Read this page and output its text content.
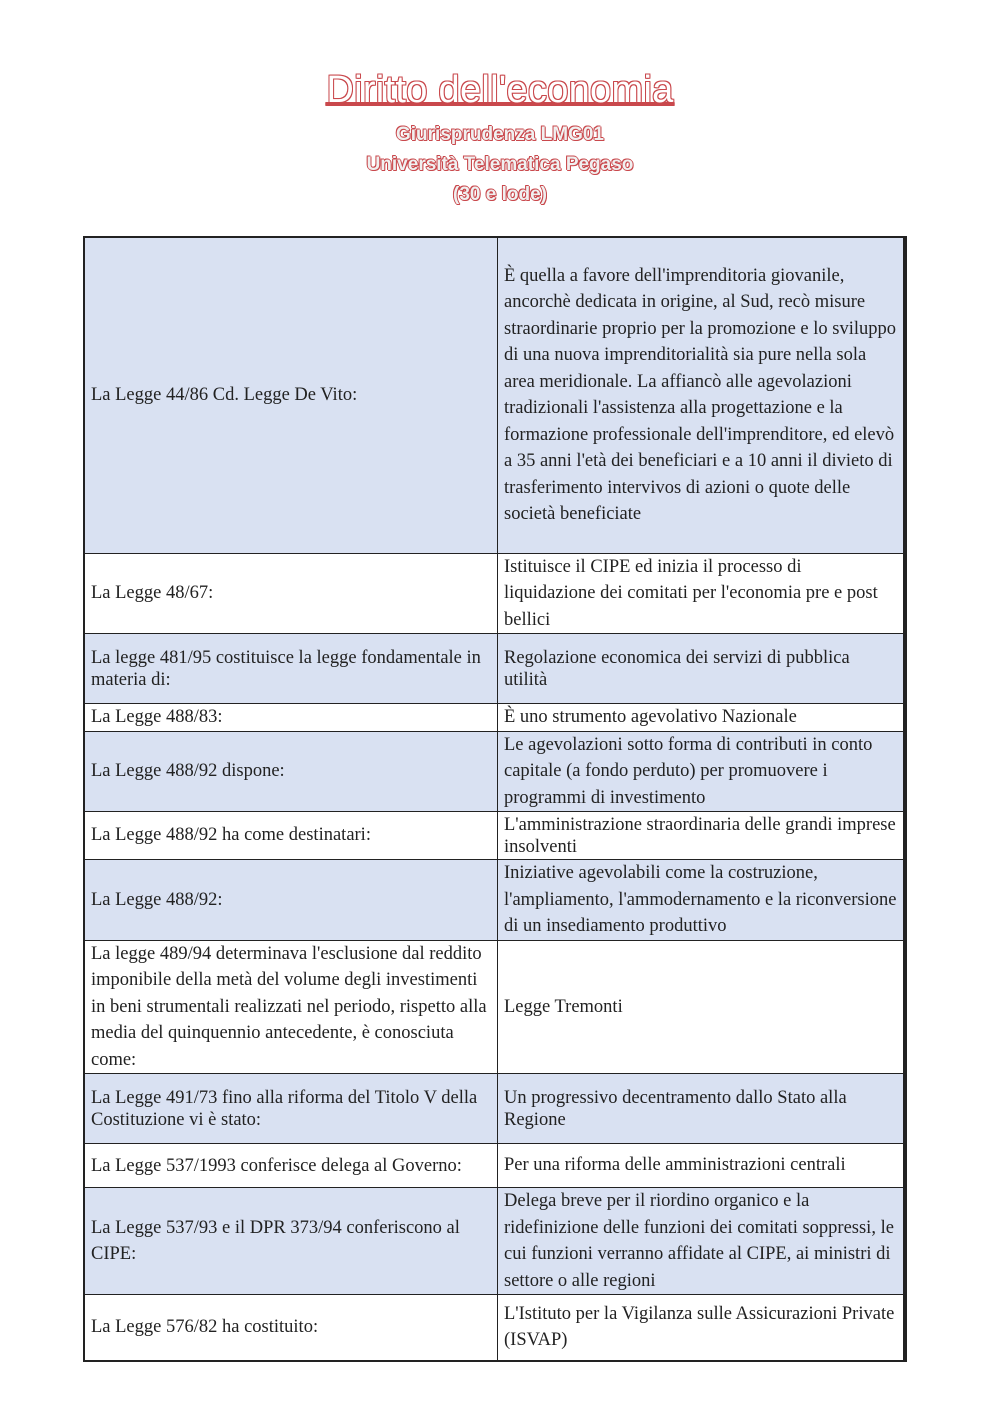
Diritto dell'economia
Giurisprudenza LMG01
Università Telematica Pegaso
(30 e lode)
La Legge 44/86 Cd. Legge De Vito:	È quella a favore dell'imprenditoria giovanile, ancorchè dedicata in origine, al Sud, recò misure straordinarie proprio per la promozione e lo sviluppo di una nuova imprenditorialità sia pure nella sola area meridionale. La affiancò alle agevolazioni tradizionali l'assistenza alla progettazione e la formazione professionale dell'imprenditore, ed elevò a 35 anni l'età dei beneficiari e a 10 anni il divieto di trasferimento intervivos di azioni o quote delle società beneficiate
La Legge 48/67:	Istituisce il CIPE ed inizia il processo di liquidazione dei comitati per l'economia pre e post bellici
La legge 481/95 costituisce la legge fondamentale in materia di:	Regolazione economica dei servizi di pubblica utilità
La Legge 488/83:	È uno strumento agevolativo Nazionale
La Legge 488/92 dispone:	Le agevolazioni sotto forma di contributi in conto capitale (a fondo perduto) per promuovere i programmi di investimento
La Legge 488/92 ha come destinatari:	L'amministrazione straordinaria delle grandi imprese insolventi
La Legge 488/92:	Iniziative agevolabili come la costruzione, l'ampliamento, l'ammodernamento e la riconversione di un insediamento produttivo
La legge 489/94 determinava l'esclusione dal reddito imponibile della metà del volume degli investimenti in beni strumentali realizzati nel periodo, rispetto alla media del quinquennio antecedente, è conosciuta come:	Legge Tremonti
La Legge 491/73 fino alla riforma del Titolo V della Costituzione vi è stato:	Un progressivo decentramento dallo Stato alla Regione
La Legge 537/1993 conferisce delega al Governo:	Per una riforma delle amministrazioni centrali
La Legge 537/93 e il DPR 373/94 conferiscono al CIPE:	Delega breve per il riordino organico e la ridefinizione delle funzioni dei comitati soppressi, le cui funzioni verranno affidate al CIPE, ai ministri di settore o alle regioni
La Legge 576/82 ha costituito:	L'Istituto per la Vigilanza sulle Assicurazioni Private (ISVAP)
